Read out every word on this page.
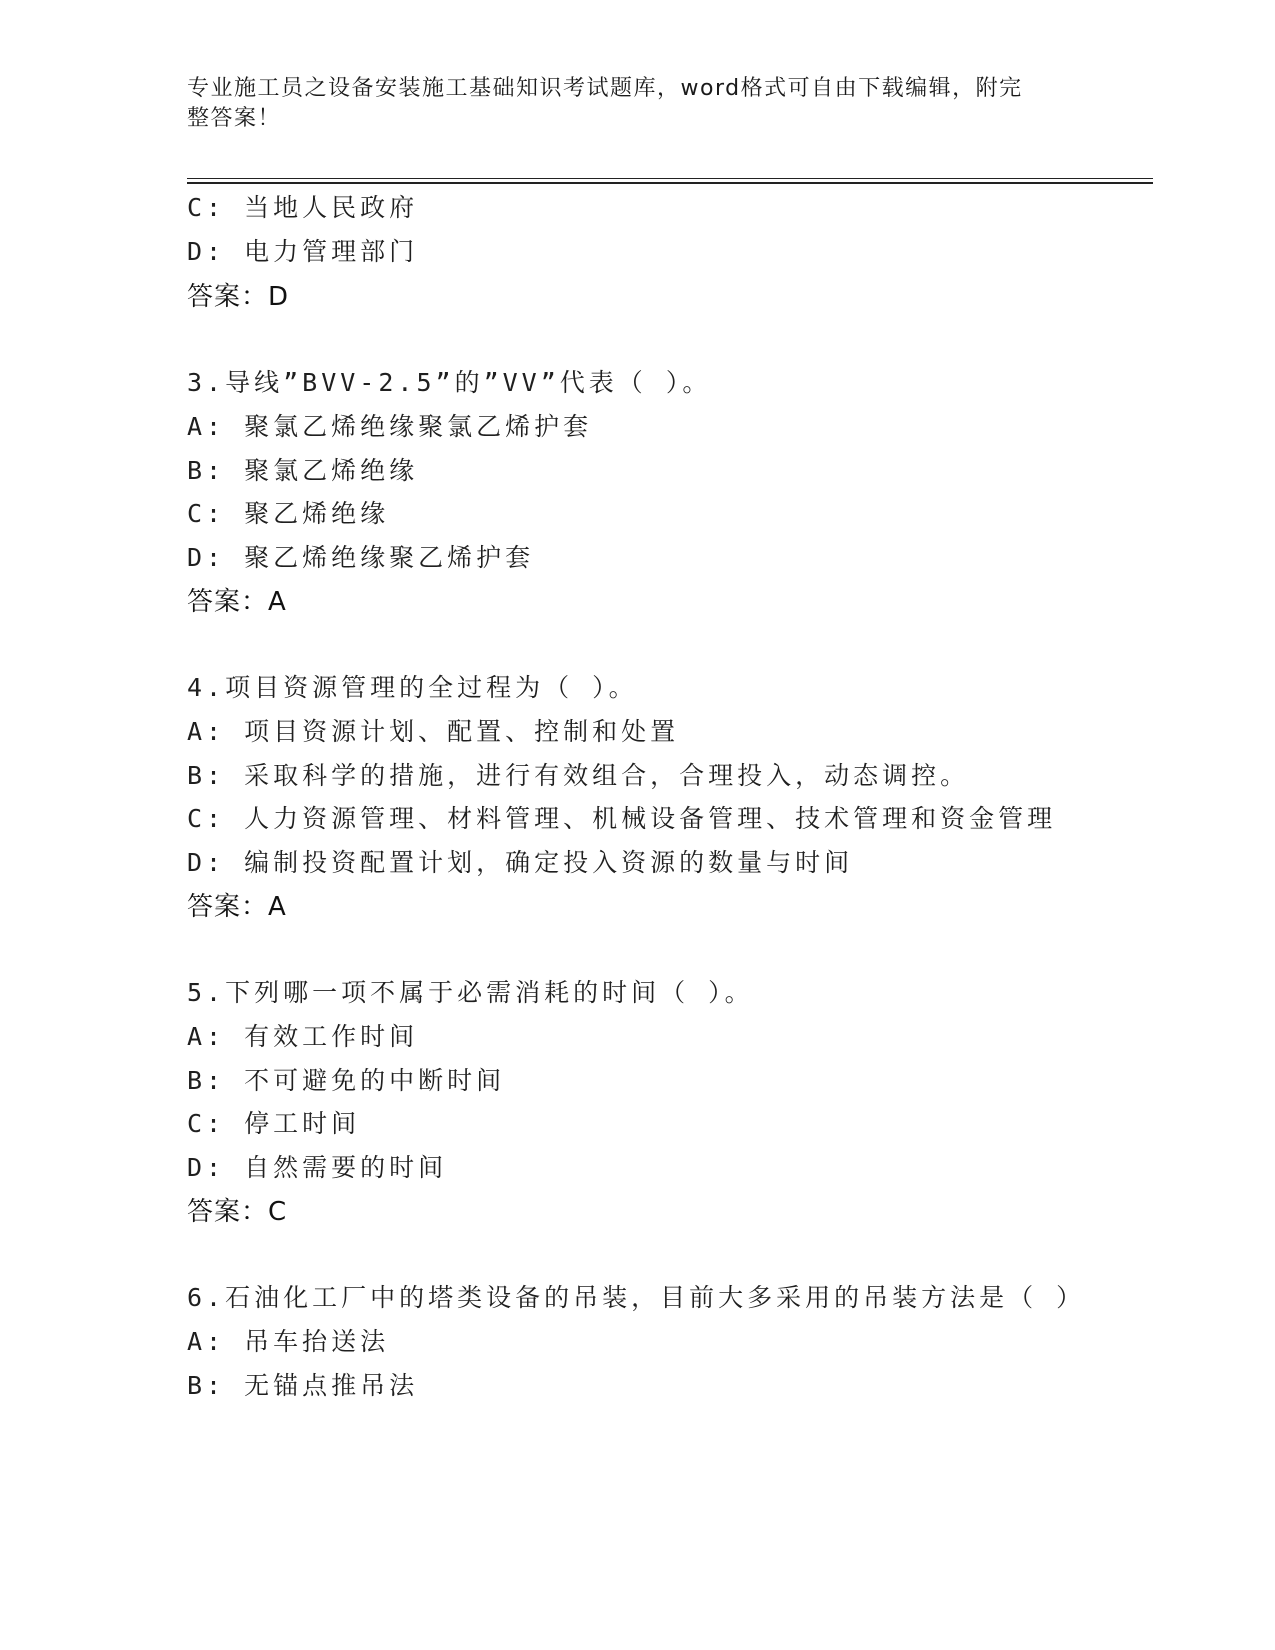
专业施工员之设备安装施工基础知识考试题库，word格式可自由下载编辑，附完
整答案！
C: 当地人民政府
D: 电力管理部门
答案：D
3.导线”BVV-2.5”的”VV”代表（ ）。
A: 聚氯乙烯绝缘聚氯乙烯护套
B: 聚氯乙烯绝缘
C: 聚乙烯绝缘
D: 聚乙烯绝缘聚乙烯护套
答案：A
4.项目资源管理的全过程为（ ）。
A: 项目资源计划、配置、控制和处置
B: 采取科学的措施，进行有效组合，合理投入，动态调控。
C: 人力资源管理、材料管理、机械设备管理、技术管理和资金管理
D: 编制投资配置计划，确定投入资源的数量与时间
答案：A
5.下列哪一项不属于必需消耗的时间（ ）。
A: 有效工作时间
B: 不可避免的中断时间
C: 停工时间
D: 自然需要的时间
答案：C
6.石油化工厂中的塔类设备的吊装，目前大多采用的吊装方法是（ ）
A: 吊车抬送法
B: 无锚点推吊法
